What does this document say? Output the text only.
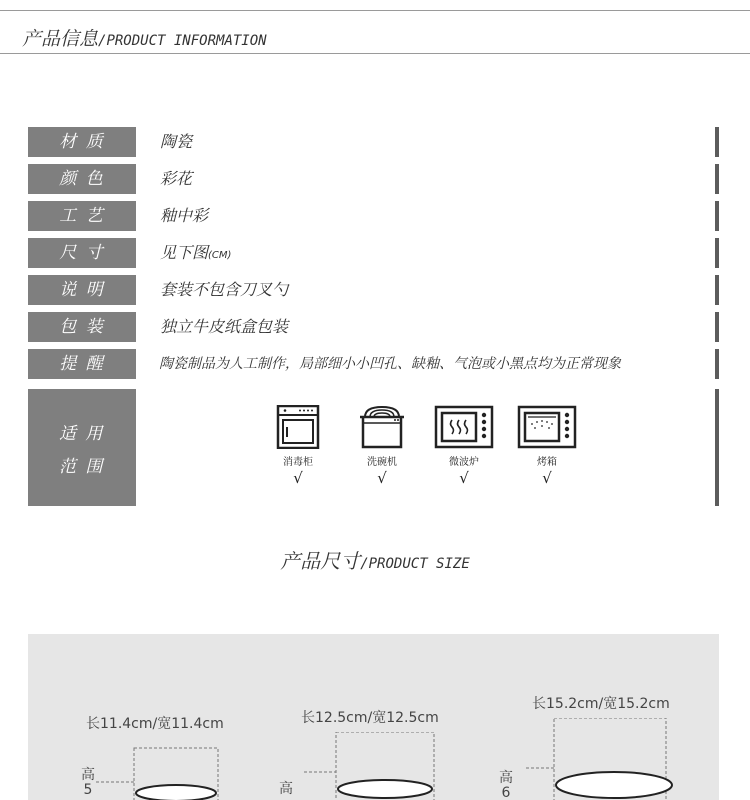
产品信息/PRODUCT INFORMATION
材 质	陶瓷
颜 色	彩花
工 艺	釉中彩
尺 寸	见下图(CM)
说 明	套装不包含刀叉勺
包 装	独立牛皮纸盒包装
提 醒	陶瓷制品为人工制作，局部细小小凹孔、缺釉、气泡或小黑点均为正常现象
适 用
范 围	消毒柜
√
洗碗机
√
微波炉
√
烤箱
√
产品尺寸/PRODUCT SIZE
长11.4cm/宽11.4cm
高5
长12.5cm/宽12.5cm
高
长15.2cm/宽15.2cm
高6
